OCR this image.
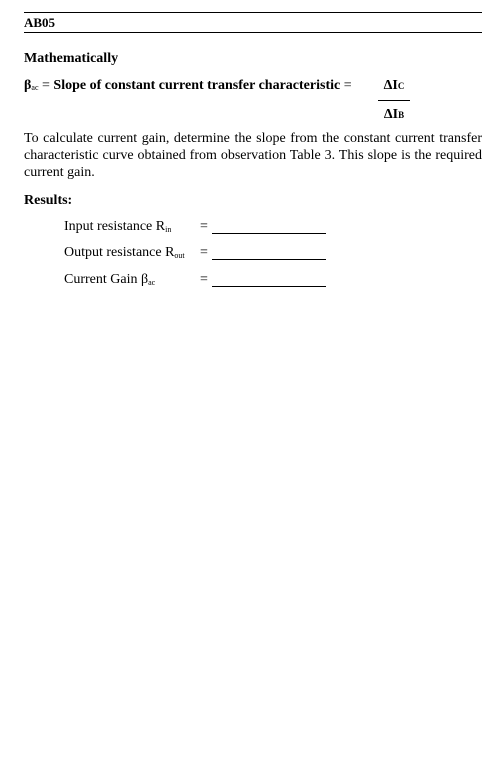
AB05
Mathematically
βac = Slope of constant current transfer characteristic =	ΔIC
ΔIB
To calculate current gain, determine the slope from the constant current transfer characteristic curve obtained from observation Table 3. This slope is the required current gain.
Results:
Input resistance $R_{in}$ =
Output resistance $R_{out}$ =
Current Gain $\beta_{ac}$	=
